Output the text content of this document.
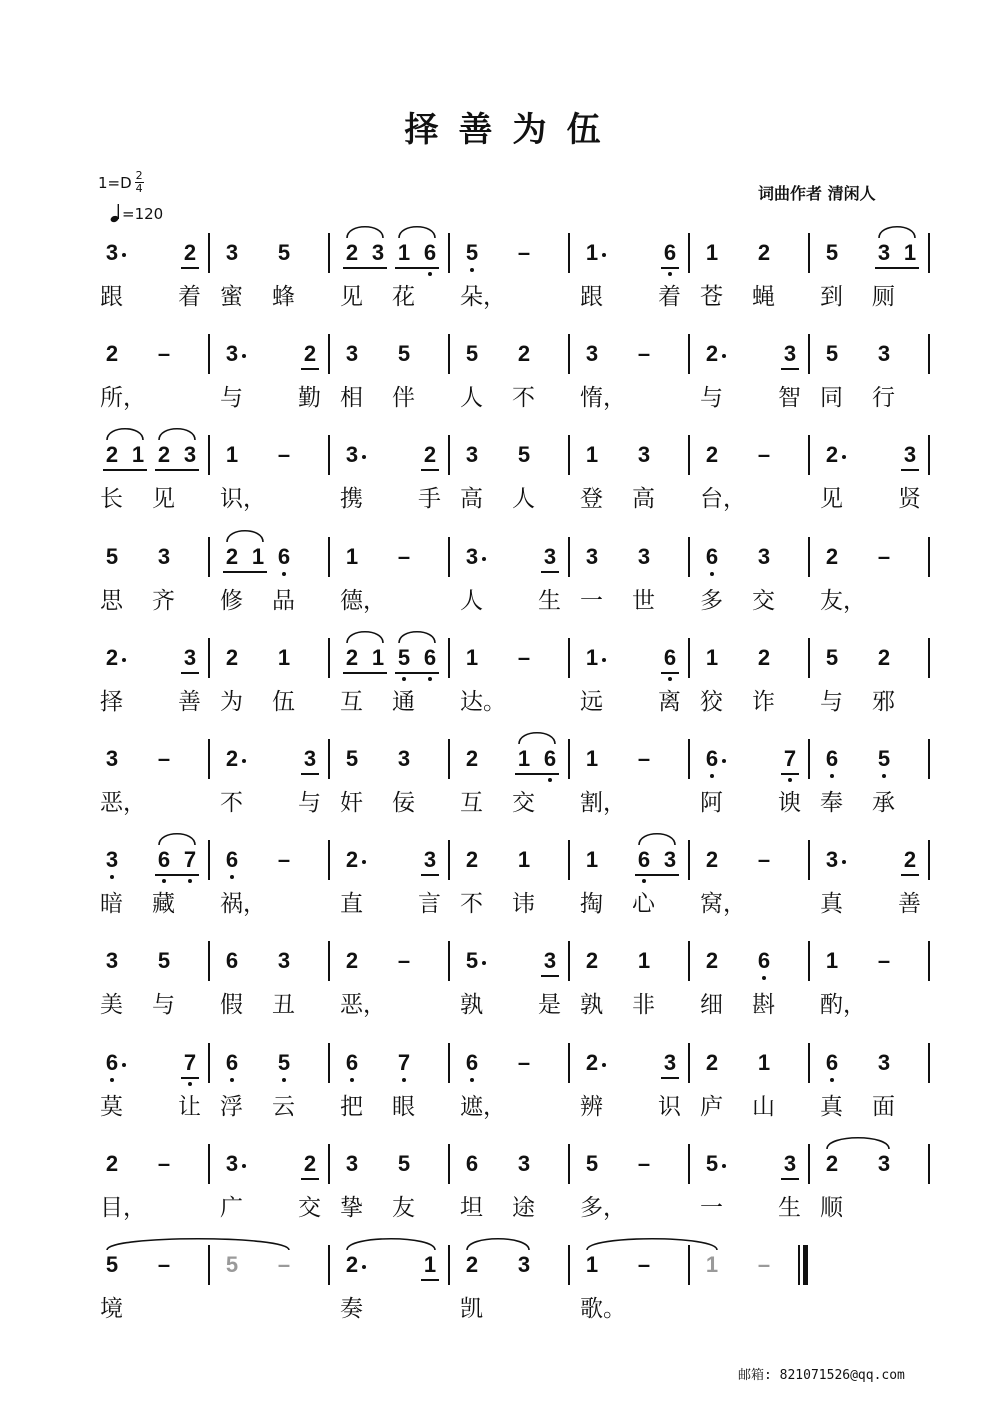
择善为伍
$1=D \frac{2}{4}$
=120
词曲作者 清闲人
3
跟
2
着
3
蜜
5
蜂
2
见
3 1
花
6 5
朵，
–	1
跟
6
着
1
苍
2
蝇
5
到
3
厕
1
2
所，
–	3
与
2
勤
3
相
5
伴
5
人
2
不
3
惰，
–	2
与
3
智
5
同
3
行
2
长
1 2
见
3 1
识，
–	3
携
2
手
3
高
5
人
1
登
3
高
2
台，
–	2
见
3
贤
5
思
3
齐
2
修
1 6
品
1
德，
–	3
人
3
生
3
一
3
世
6
多
3
交
2
友，
–
2
择
3
善
2
为
1
伍
2
互
1 5
通
6 1
达。
–	1
远
6
离
1
狡
2
诈
5
与
2
邪
3
恶，
–	2
不
3
与
5
奸
3
佞
2
互
1
交
6 1
割，
–	6
阿
7
谀
6
奉
5
承
3
暗
6
藏
7 6
祸，
–	2
直
3
言
2
不
1
讳
1
掏
6
心
3 2
窝，
–	3
真
2
善
3
美
5
与
6
假
3
丑
2
恶，
–	5
孰
3
是
2
孰
1
非
2
细
6
斟
1
酌，
–
6
莫
7
让
6
浮
5
云
6
把
7
眼
6
遮，
–	2
辨
3
识
2
庐
1
山
6
真
3
面
2
目，
–	3
广
2
交
3
挚
5
友
6
坦
3
途
5
多，
–	5
一
3
生
2
顺
3
5
境
–	5 –	2
奏
1 2
凯
3	1
歌。
–	1 –
邮箱: 821071526@qq.com
